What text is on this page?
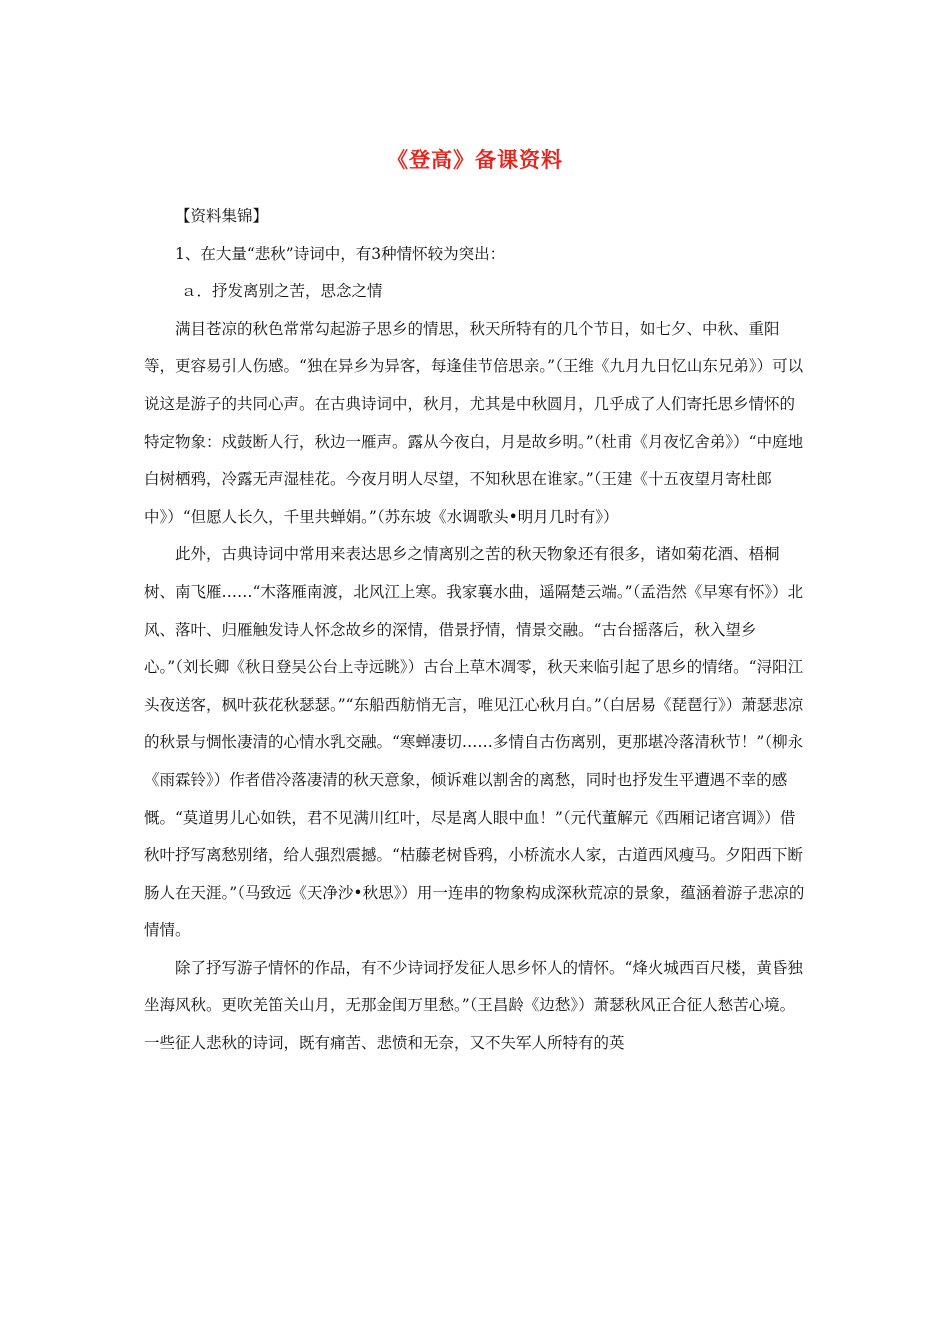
《登高》备课资料

【资料集锦】

1、在大量“悲秋”诗词中，有3种情怀较为突出：

ａ．抒发离别之苦，思念之情

满目苍凉的秋色常常勾起游子思乡的情思，秋天所特有的几个节日，如七夕、中秋、重阳等，更容易引人伤感。“独在异乡为异客，每逢佳节倍思亲。”（王维《九月九日忆山东兄弟》）可以说这是游子的共同心声。在古典诗词中，秋月，尤其是中秋圆月，几乎成了人们寄托思乡情怀的特定物象：戍鼓断人行，秋边一雁声。露从今夜白，月是故乡明。”（杜甫《月夜忆舍弟》）“中庭地白树栖鸦，冷露无声湿桂花。今夜月明人尽望，不知秋思在谁家。”（王建《十五夜望月寄杜郎中》）“但愿人长久，千里共蝉娟。”（苏东坡《水调歌头•明月几时有》）

此外，古典诗词中常用来表达思乡之情离别之苦的秋天物象还有很多，诸如菊花酒、梧桐树、南飞雁……“木落雁南渡，北风江上寒。我家襄水曲，遥隔楚云端。”（孟浩然《早寒有怀》）北风、落叶、归雁触发诗人怀念故乡的深情，借景抒情，情景交融。“古台摇落后，秋入望乡心。”（刘长卿《秋日登吴公台上寺远眺》）古台上草木凋零，秋天来临引起了思乡的情绪。“浔阳江头夜送客，枫叶荻花秋瑟瑟。”“东船西舫悄无言，唯见江心秋月白。”（白居易《琵琶行》）萧瑟悲凉的秋景与惆怅凄清的心情水乳交融。“寒蝉凄切……多情自古伤离别，更那堪冷落清秋节！”（柳永《雨霖铃》）作者借冷落凄清的秋天意象，倾诉难以割舍的离愁，同时也抒发生平遭遇不幸的感慨。“莫道男儿心如铁，君不见满川红叶，尽是离人眼中血！”（元代董解元《西厢记诸宫调》）借秋叶抒写离愁别绪，给人强烈震撼。“枯藤老树昏鸦，小桥流水人家，古道西风瘦马。夕阳西下断肠人在天涯。”（马致远《天净沙•秋思》）用一连串的物象构成深秋荒凉的景象，蕴涵着游子悲凉的情情。

除了抒写游子情怀的作品，有不少诗词抒发征人思乡怀人的情怀。“烽火城西百尺楼，黄昏独坐海风秋。更吹羌笛关山月，无那金闺万里愁。”（王昌龄《边愁》）萧瑟秋风正合征人愁苦心境。一些征人悲秋的诗词，既有痛苦、悲愤和无奈，又不失军人所特有的英
